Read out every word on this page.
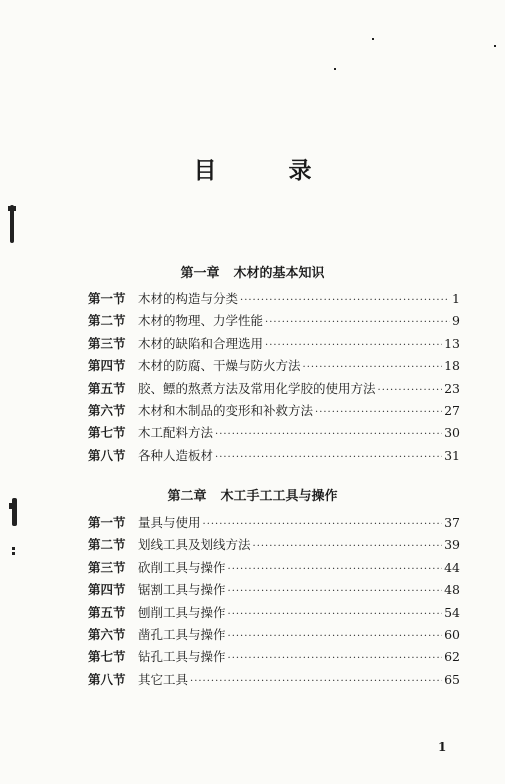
目 录
第一章 木材的基本知识
第一节 木材的构造与分类 ·····	1
第二节 木材的物理、力学性能 ·····	9
第三节 木材的缺陷和合理选用 ·····	13
第四节 木材的防腐、干燥与防火方法 ·····	18
第五节 胶、鳔的熬煮方法及常用化学胶的使用方法 ·····	23
第六节 木材和木制品的变形和补救方法 ·····	27
第七节 木工配料方法 ·····	30
第八节 各种人造板材 ·····	31
第二章 木工手工工具与操作
第一节 量具与使用 ·····	37
第二节 划线工具及划线方法 ·····	39
第三节 砍削工具与操作 ·····	44
第四节 锯割工具与操作 ·····	48
第五节 刨削工具与操作 ·····	54
第六节 凿孔工具与操作 ·····	60
第七节 钻孔工具与操作 ·····	62
第八节 其它工具 ·····	65
1
